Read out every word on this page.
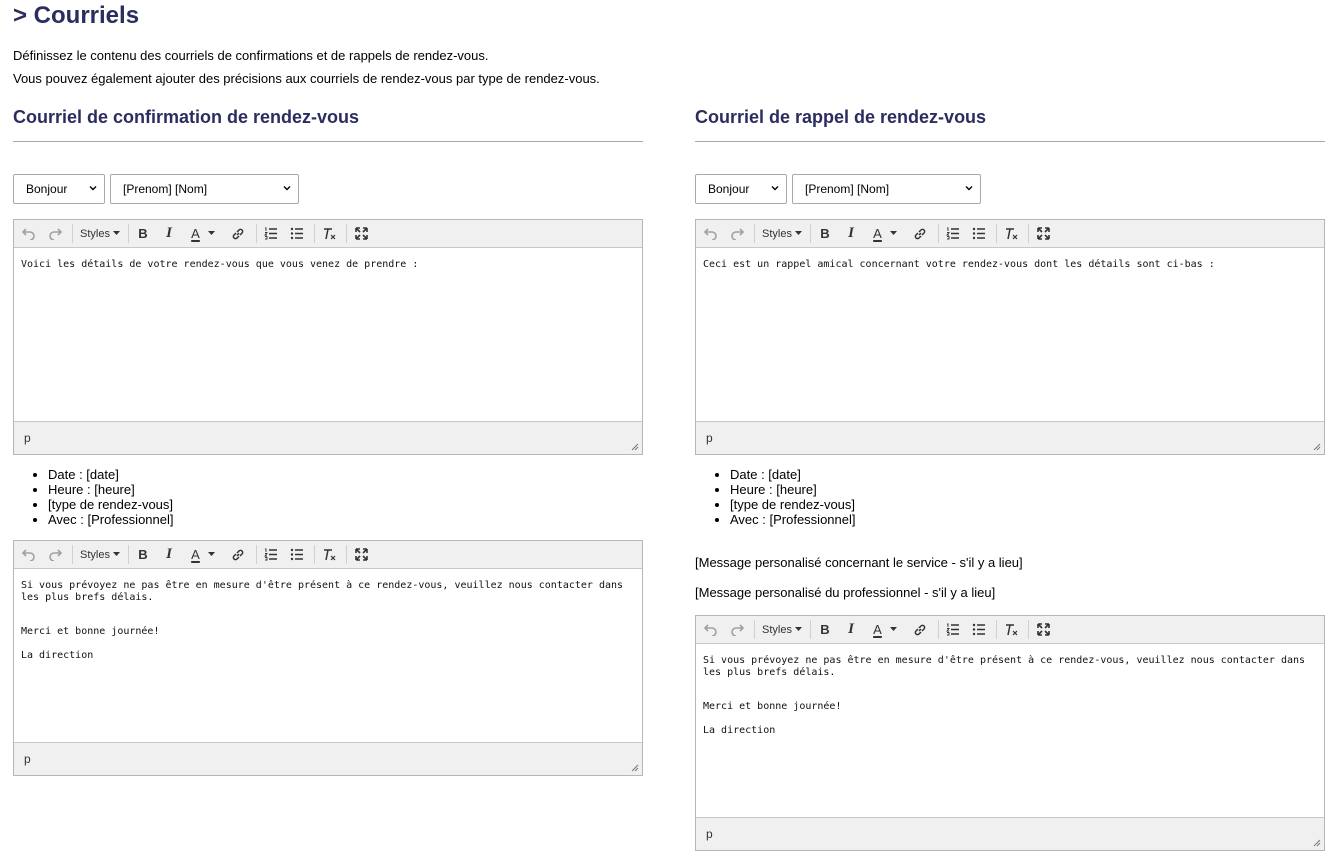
> Courriels
Définissez le contenu des courriels de confirmations et de rappels de rendez-vous.
Vous pouvez également ajouter des précisions aux courriels de rendez-vous par type de rendez-vous.
Courriel de confirmation de rendez-vous
Bonjour	[Prenom] [Nom]
Styles B I A

Voici les détails de votre rendez-vous que vous venez de prendre :

p
• Date : [date]
• Heure : [heure]
• [type de rendez-vous]
• Avec : [Professionnel]
Styles B I A

Si vous prévoyez ne pas être en mesure d'être présent à ce rendez-vous, veuillez nous contacter dans les plus brefs délais.

Merci et bonne journée!

La direction

p
Courriel de rappel de rendez-vous
Bonjour	[Prenom] [Nom]
Styles B I A

Ceci est un rappel amical concernant votre rendez-vous dont les détails sont ci-bas :

p
• Date : [date]
• Heure : [heure]
• [type de rendez-vous]
• Avec : [Professionnel]
[Message personalisé concernant le service - s'il y a lieu]
[Message personalisé du professionnel - s'il y a lieu]
Styles B I A

Si vous prévoyez ne pas être en mesure d'être présent à ce rendez-vous, veuillez nous contacter dans les plus brefs délais.

Merci et bonne journée!

La direction

p
